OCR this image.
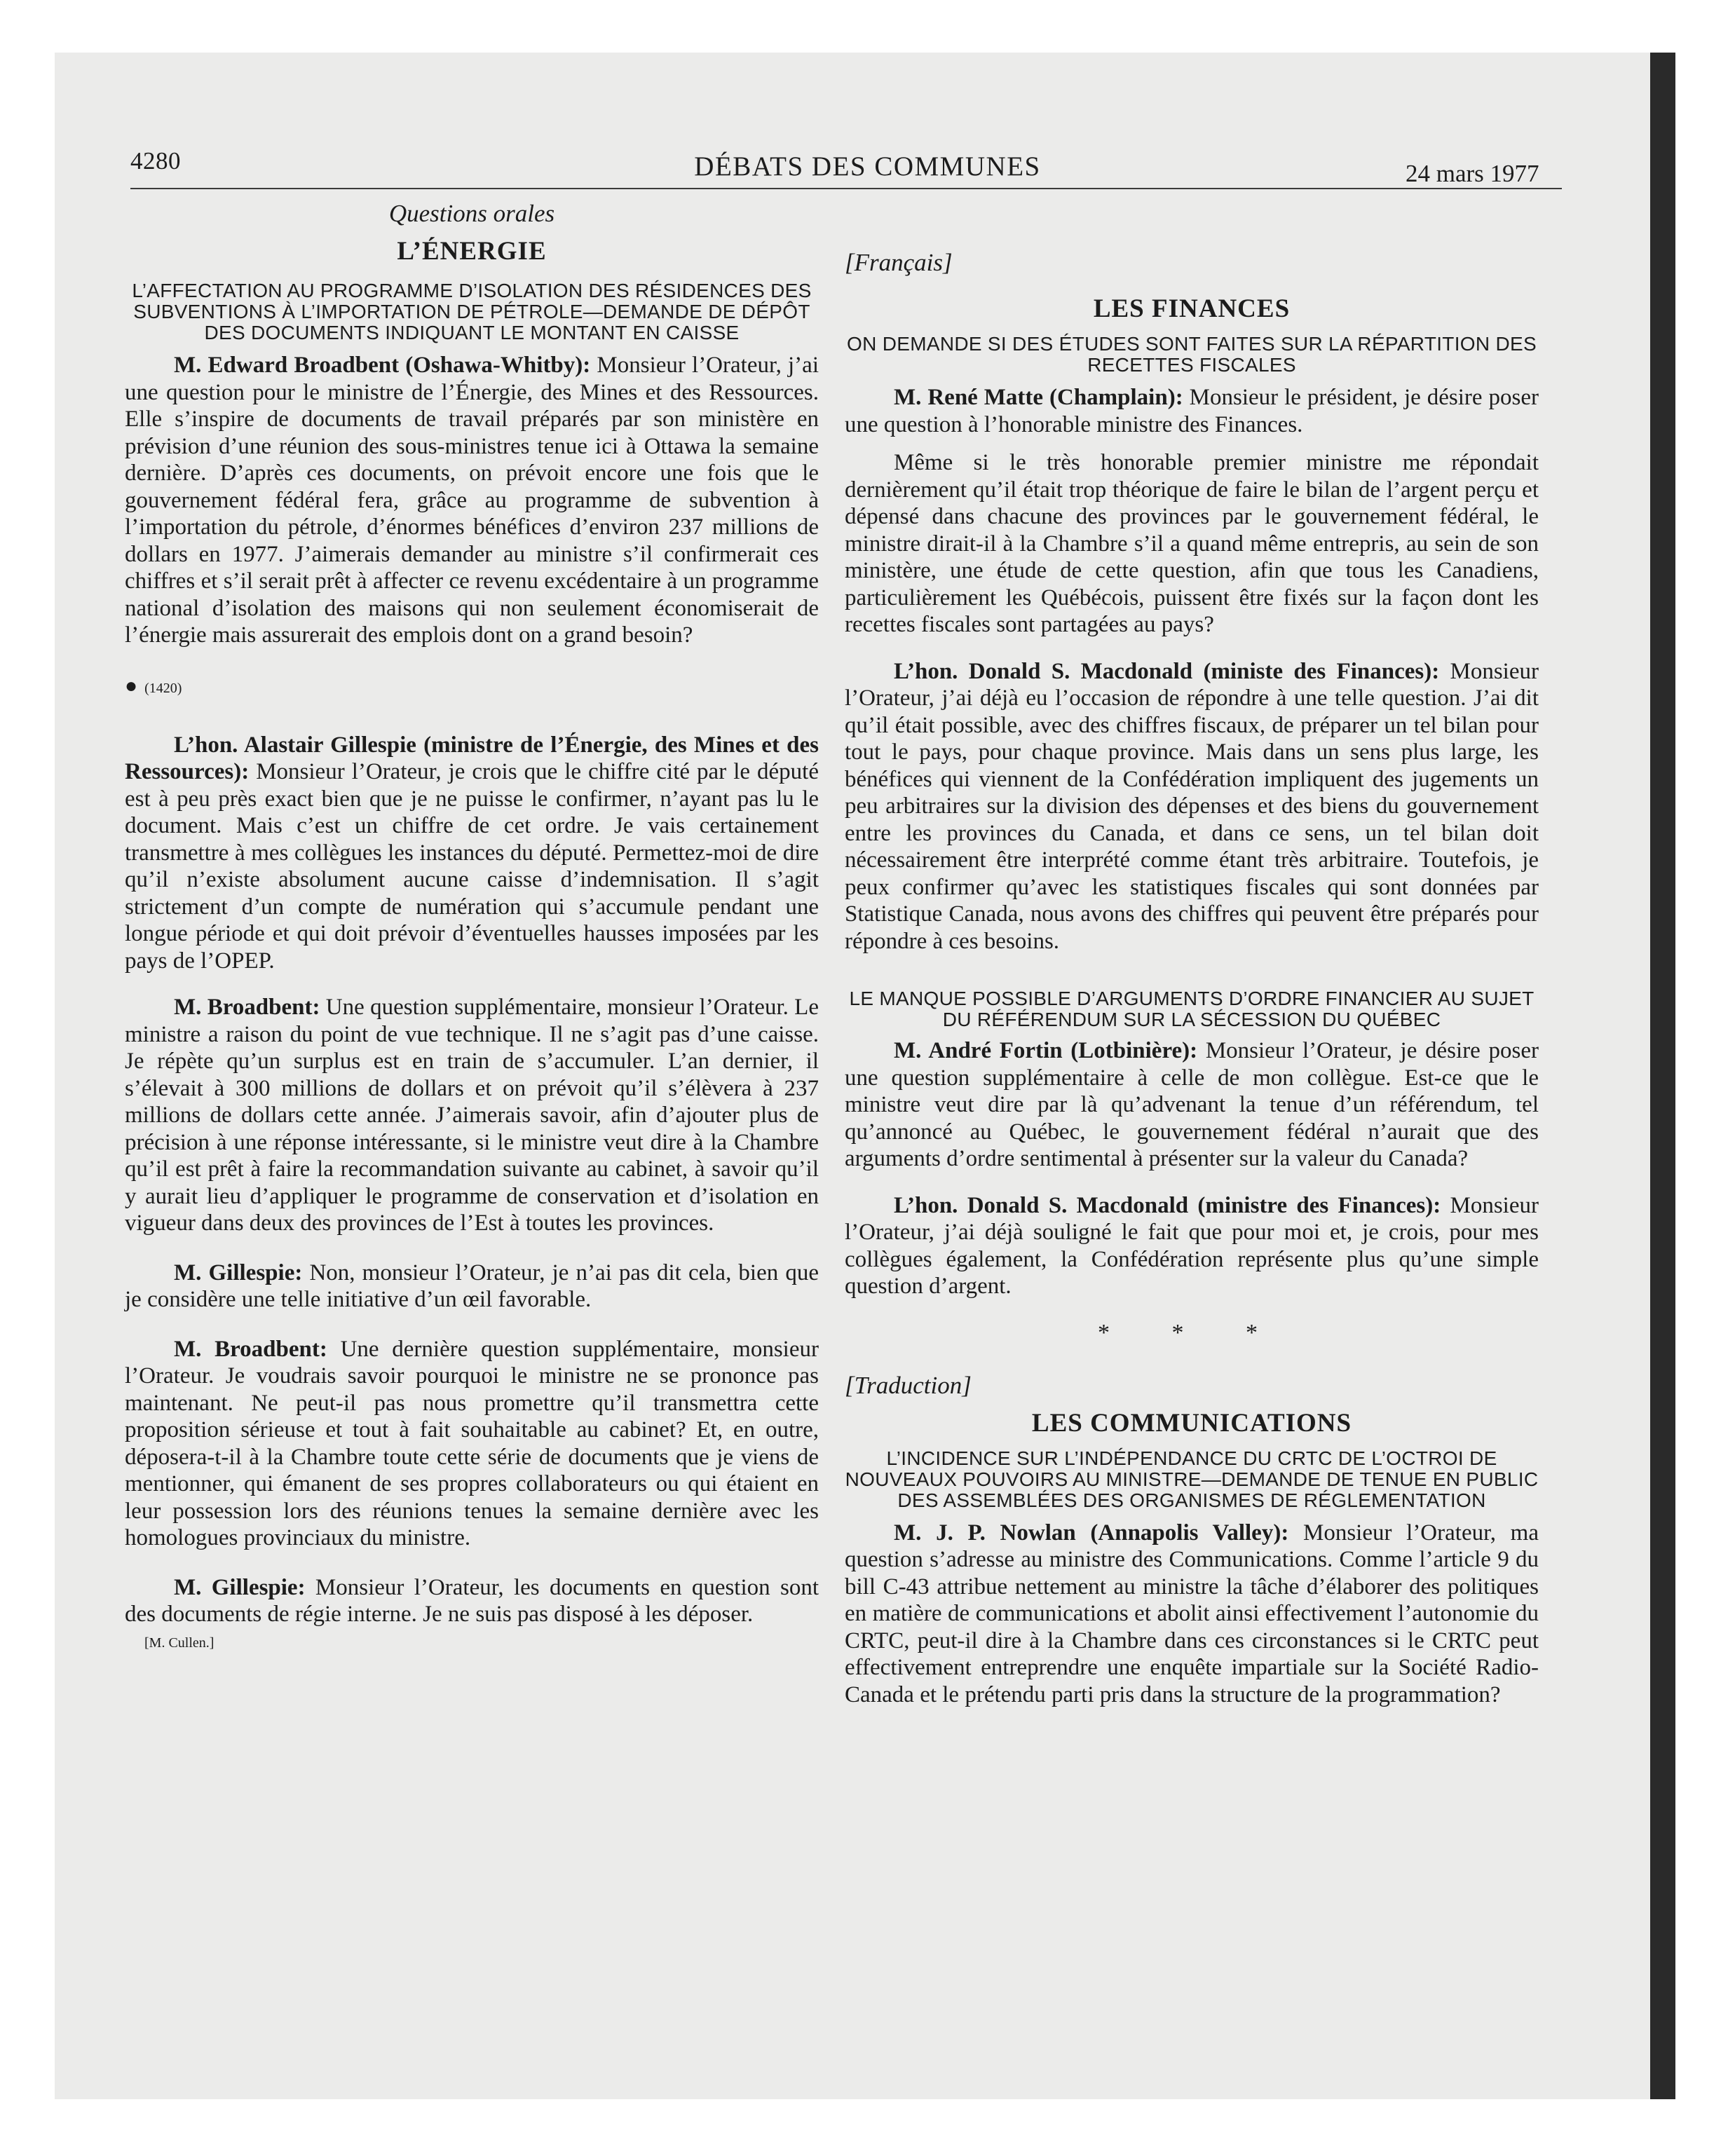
4280	DÉBATS DES COMMUNES	24 mars 1977

Questions orales

L’ÉNERGIE

L’AFFECTATION AU PROGRAMME D’ISOLATION DES RÉSIDENCES DES SUBVENTIONS À L’IMPORTATION DE PÉTROLE—DEMANDE DE DÉPÔT DES DOCUMENTS INDIQUANT LE MONTANT EN CAISSE

M. Edward Broadbent (Oshawa-Whitby): Monsieur l’Orateur, j’ai une question pour le ministre de l’Énergie, des Mines et des Ressources. Elle s’inspire de documents de travail préparés par son ministère en prévision d’une réunion des sous-ministres tenue ici à Ottawa la semaine dernière. D’après ces documents, on prévoit encore une fois que le gouvernement fédéral fera, grâce au programme de subvention à l’importation du pétrole, d’énormes bénéfices d’environ 237 millions de dollars en 1977. J’aimerais demander au ministre s’il confirmerait ces chiffres et s’il serait prêt à affecter ce revenu excédentaire à un programme national d’isolation des maisons qui non seulement économiserait de l’énergie mais assurerait des emplois dont on a grand besoin?

● (1420)

L’hon. Alastair Gillespie (ministre de l’Énergie, des Mines et des Ressources): Monsieur l’Orateur, je crois que le chiffre cité par le député est à peu près exact bien que je ne puisse le confirmer, n’ayant pas lu le document. Mais c’est un chiffre de cet ordre. Je vais certainement transmettre à mes collègues les instances du député. Permettez-moi de dire qu’il n’existe absolument aucune caisse d’indemnisation. Il s’agit strictement d’un compte de numération qui s’accumule pendant une longue période et qui doit prévoir d’éventuelles hausses imposées par les pays de l’OPEP.

M. Broadbent: Une question supplémentaire, monsieur l’Orateur. Le ministre a raison du point de vue technique. Il ne s’agit pas d’une caisse. Je répète qu’un surplus est en train de s’accumuler. L’an dernier, il s’élevait à 300 millions de dollars et on prévoit qu’il s’élèvera à 237 millions de dollars cette année. J’aimerais savoir, afin d’ajouter plus de précision à une réponse intéressante, si le ministre veut dire à la Chambre qu’il est prêt à faire la recommandation suivante au cabinet, à savoir qu’il y aurait lieu d’appliquer le programme de conservation et d’isolation en vigueur dans deux des provinces de l’Est à toutes les provinces.

M. Gillespie: Non, monsieur l’Orateur, je n’ai pas dit cela, bien que je considère une telle initiative d’un œil favorable.

M. Broadbent: Une dernière question supplémentaire, monsieur l’Orateur. Je voudrais savoir pourquoi le ministre ne se prononce pas maintenant. Ne peut-il pas nous promettre qu’il transmettra cette proposition sérieuse et tout à fait souhaitable au cabinet? Et, en outre, déposera-t-il à la Chambre toute cette série de documents que je viens de mentionner, qui émanent de ses propres collaborateurs ou qui étaient en leur possession lors des réunions tenues la semaine dernière avec les homologues provinciaux du ministre.

M. Gillespie: Monsieur l’Orateur, les documents en question sont des documents de régie interne. Je ne suis pas disposé à les déposer.

[M. Cullen.]

[Français]

LES FINANCES

ON DEMANDE SI DES ÉTUDES SONT FAITES SUR LA RÉPARTITION DES RECETTES FISCALES

M. René Matte (Champlain): Monsieur le président, je désire poser une question à l’honorable ministre des Finances.

Même si le très honorable premier ministre me répondait dernièrement qu’il était trop théorique de faire le bilan de l’argent perçu et dépensé dans chacune des provinces par le gouvernement fédéral, le ministre dirait-il à la Chambre s’il a quand même entrepris, au sein de son ministère, une étude de cette question, afin que tous les Canadiens, particulièrement les Québécois, puissent être fixés sur la façon dont les recettes fiscales sont partagées au pays?

L’hon. Donald S. Macdonald (ministe des Finances): Monsieur l’Orateur, j’ai déjà eu l’occasion de répondre à une telle question. J’ai dit qu’il était possible, avec des chiffres fiscaux, de préparer un tel bilan pour tout le pays, pour chaque province. Mais dans un sens plus large, les bénéfices qui viennent de la Confédération impliquent des jugements un peu arbitraires sur la division des dépenses et des biens du gouvernement entre les provinces du Canada, et dans ce sens, un tel bilan doit nécessairement être interprété comme étant très arbitraire. Toutefois, je peux confirmer qu’avec les statistiques fiscales qui sont données par Statistique Canada, nous avons des chiffres qui peuvent être préparés pour répondre à ces besoins.

LE MANQUE POSSIBLE D’ARGUMENTS D’ORDRE FINANCIER AU SUJET DU RÉFÉRENDUM SUR LA SÉCESSION DU QUÉBEC

M. André Fortin (Lotbinière): Monsieur l’Orateur, je désire poser une question supplémentaire à celle de mon collègue. Est-ce que le ministre veut dire par là qu’advenant la tenue d’un référendum, tel qu’annoncé au Québec, le gouvernement fédéral n’aurait que des arguments d’ordre sentimental à présenter sur la valeur du Canada?

L’hon. Donald S. Macdonald (ministre des Finances): Monsieur l’Orateur, j’ai déjà souligné le fait que pour moi et, je crois, pour mes collègues également, la Confédération représente plus qu’une simple question d’argent.

* * *

[Traduction]

LES COMMUNICATIONS

L’INCIDENCE SUR L’INDÉPENDANCE DU CRTC DE L’OCTROI DE NOUVEAUX POUVOIRS AU MINISTRE—DEMANDE DE TENUE EN PUBLIC DES ASSEMBLÉES DES ORGANISMES DE RÉGLEMENTATION

M. J. P. Nowlan (Annapolis Valley): Monsieur l’Orateur, ma question s’adresse au ministre des Communications. Comme l’article 9 du bill C-43 attribue nettement au ministre la tâche d’élaborer des politiques en matière de communications et abolit ainsi effectivement l’autonomie du CRTC, peut-il dire à la Chambre dans ces circonstances si le CRTC peut effectivement entreprendre une enquête impartiale sur la Société Radio-Canada et le prétendu parti pris dans la structure de la programmation?
